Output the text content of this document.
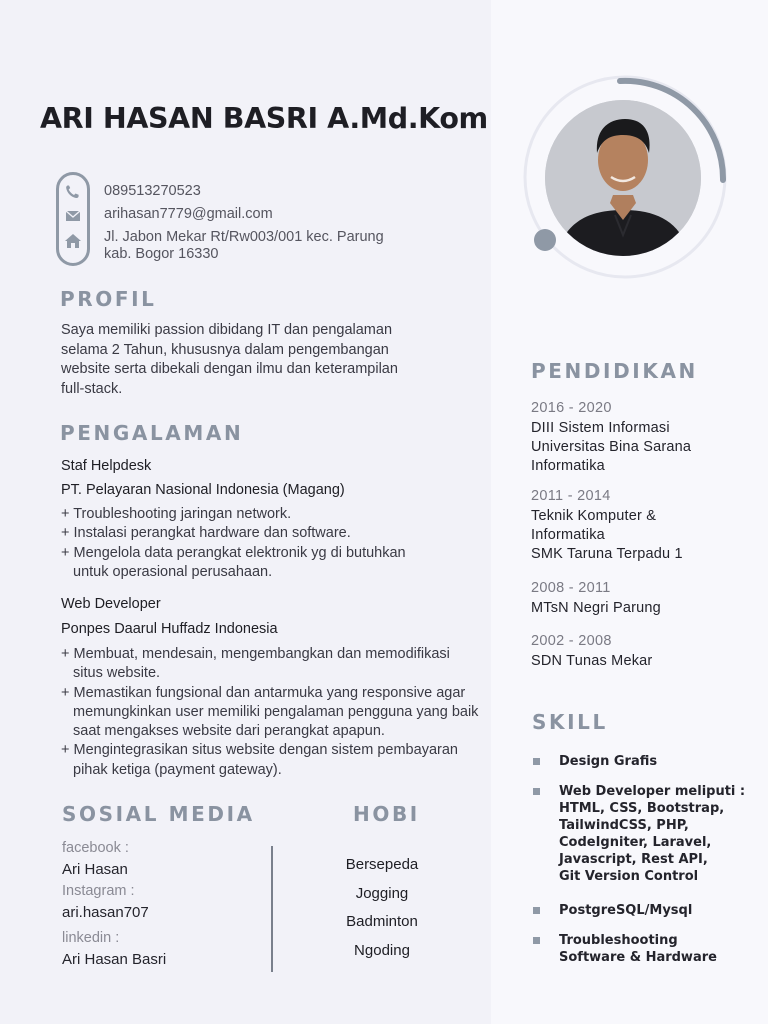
ARI HASAN BASRI A.Md.Kom
089513270523
arihasan7779@gmail.com
Jl. Jabon Mekar Rt/Rw003/001 kec. Parung
kab. Bogor 16330
PROFIL
Saya memiliki passion dibidang IT dan pengalaman
selama 2 Tahun, khususnya dalam pengembangan
website serta dibekali dengan ilmu dan keterampilan
full-stack.
PENGALAMAN
Staf Helpdesk
PT. Pelayaran Nasional Indonesia (Magang)
+ Troubleshooting jaringan network.
+ Instalasi perangkat hardware dan software.
+ Mengelola data perangkat elektronik yg di butuhkan untuk operasional perusahaan.
Web Developer
Ponpes Daarul Huffadz Indonesia
+ Membuat, mendesain, mengembangkan dan memodifikasi situs website.
+ Memastikan fungsional dan antarmuka yang responsive agar memungkinkan user memiliki pengalaman pengguna yang baik saat mengakses website dari perangkat apapun.
+ Mengintegrasikan situs website dengan sistem pembayaran pihak ketiga (payment gateway).
SOSIAL MEDIA
facebook :
Ari Hasan
Instagram :
ari.hasan707
linkedin :
Ari Hasan Basri
HOBI
Bersepeda
Jogging
Badminton
Ngoding
PENDIDIKAN
2016 - 2020
DIII Sistem Informasi
Universitas Bina Sarana
Informatika
2011 - 2014
Teknik Komputer &
Informatika
SMK Taruna Terpadu 1
2008 - 2011
MTsN Negri Parung
2002 - 2008
SDN Tunas Mekar
SKILL
Design Grafis
Web Developer meliputi :
HTML, CSS, Bootstrap,
TailwindCSS, PHP,
CodeIgniter, Laravel,
Javascript, Rest API,
Git Version Control
PostgreSQL/Mysql
Troubleshooting
Software & Hardware
